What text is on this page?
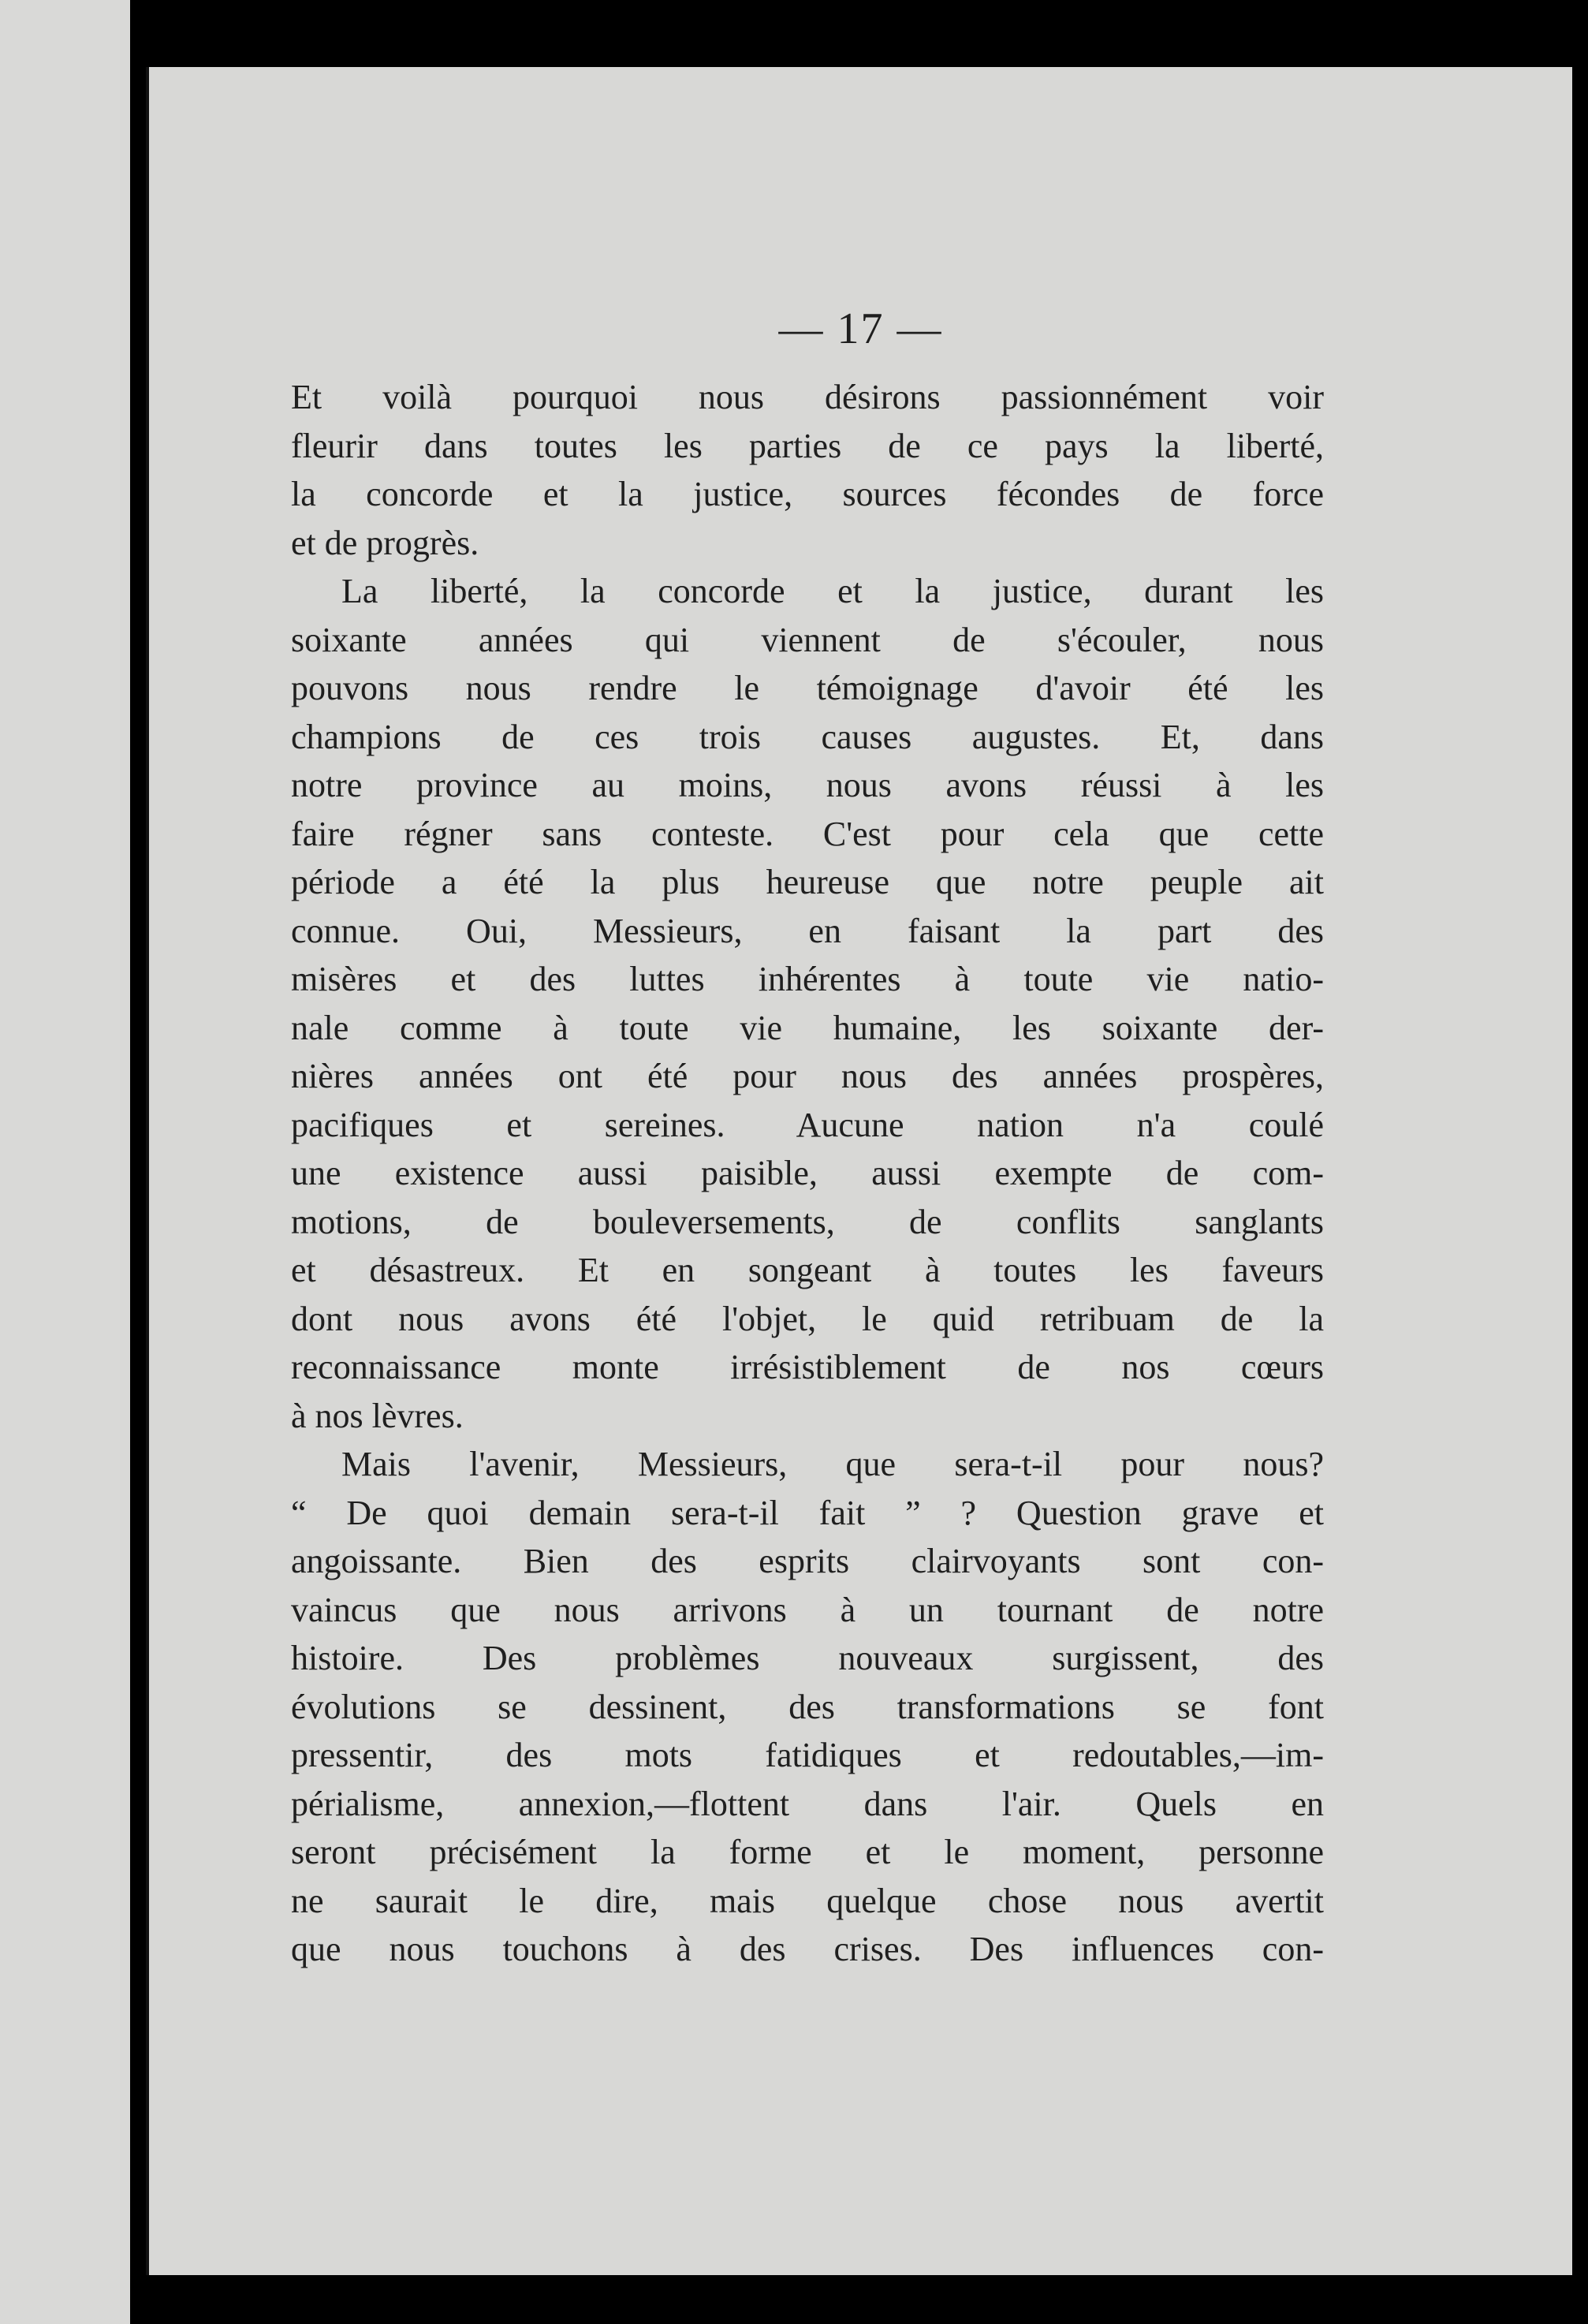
— 17 —

Et voilà pourquoi nous désirons passionnément voir
fleurir dans toutes les parties de ce pays la liberté,
la concorde et la justice, sources fécondes de force
et de progrès.

La liberté, la concorde et la justice, durant les
soixante années qui viennent de s'écouler, nous
pouvons nous rendre le témoignage d'avoir été les
champions de ces trois causes augustes. Et, dans
notre province au moins, nous avons réussi à les
faire régner sans conteste. C'est pour cela que cette
période a été la plus heureuse que notre peuple ait
connue. Oui, Messieurs, en faisant la part des
misères et des luttes inhérentes à toute vie natio-
nale comme à toute vie humaine, les soixante der-
nières années ont été pour nous des années prospères,
pacifiques et sereines. Aucune nation n'a coulé
une existence aussi paisible, aussi exempte de com-
motions, de bouleversements, de conflits sanglants
et désastreux. Et en songeant à toutes les faveurs
dont nous avons été l'objet, le quid retribuam de la
reconnaissance monte irrésistiblement de nos cœurs
à nos lèvres.

Mais l'avenir, Messieurs, que sera-t-il pour nous?
“ De quoi demain sera-t-il fait ” ? Question grave et
angoissante. Bien des esprits clairvoyants sont con-
vaincus que nous arrivons à un tournant de notre
histoire. Des problèmes nouveaux surgissent, des
évolutions se dessinent, des transformations se font
pressentir, des mots fatidiques et redoutables,—im-
périalisme, annexion,—flottent dans l'air. Quels en
seront précisément la forme et le moment, personne
ne saurait le dire, mais quelque chose nous avertit
que nous touchons à des crises. Des influences con-
